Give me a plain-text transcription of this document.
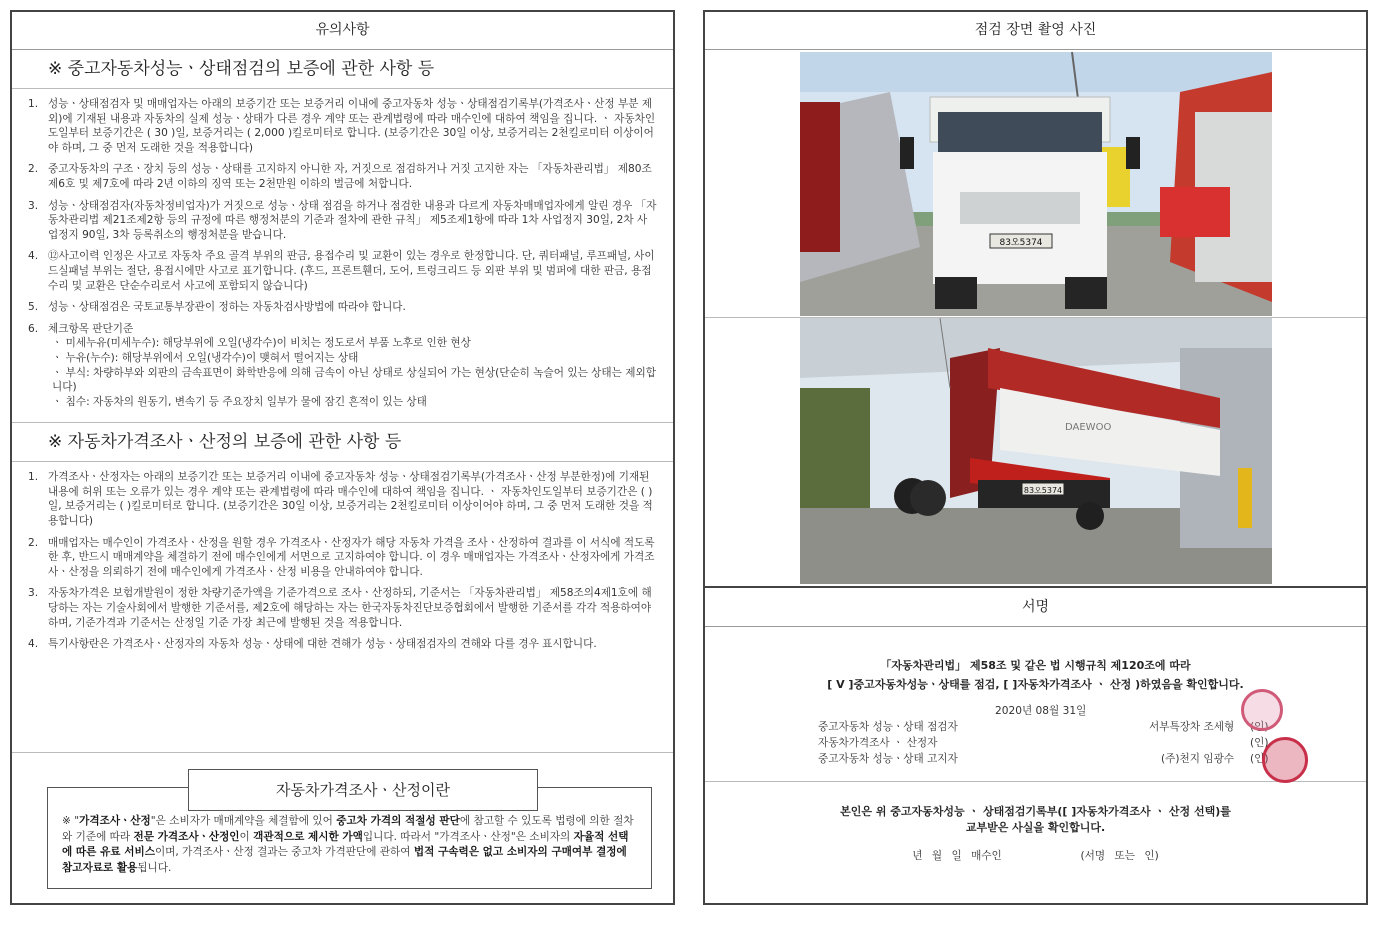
유의사항
※ 중고자동차성능ㆍ상태점검의 보증에 관한 사항 등
1. 성능ㆍ상태점검자 및 매매업자는 아래의 보증기간 또는 보증거리 이내에 중고자동차 성능ㆍ상태점검기록부(가격조사ㆍ산정 부분 제외)에 기재된 내용과 자동차의 실제 성능ㆍ상태가 다른 경우 계약 또는 관계법령에 따라 매수인에 대하여 책임을 집니다. ㆍ 자동차인도일부터 보증기간은 ( 30 )일, 보증거리는 ( 2,000 )킬로미터로 합니다. (보증기간은 30일 이상, 보증거리는 2천킬로미터 이상이어야 하며, 그 중 먼저 도래한 것을 적용합니다)
2. 중고자동차의 구조ㆍ장치 등의 성능ㆍ상태를 고지하지 아니한 자, 거짓으로 점검하거나 거짓 고지한 자는 「자동차관리법」 제80조제6호 및 제7호에 따라 2년 이하의 징역 또는 2천만원 이하의 벌금에 처합니다.
3. 성능ㆍ상태점검자(자동차정비업자)가 거짓으로 성능ㆍ상태 점검을 하거나 점검한 내용과 다르게 자동차매매업자에게 알린 경우 「자동차관리법 제21조제2항 등의 규정에 따른 행정처분의 기준과 절차에 관한 규칙」 제5조제1항에 따라 1차 사업정지 30일, 2차 사업정지 90일, 3차 등록취소의 행정처분을 받습니다.
4. ⑫사고이력 인정은 사고로 자동차 주요 골격 부위의 판금, 용접수리 및 교환이 있는 경우로 한정합니다. 단, 쿼터패널, 루프패널, 사이드실패널 부위는 절단, 용접시에만 사고로 표기합니다. (후드, 프론트휀더, 도어, 트렁크리드 등 외판 부위 및 범퍼에 대한 판금, 용접수리 및 교환은 단순수리로서 사고에 포함되지 않습니다)
5. 성능ㆍ상태점검은 국토교통부장관이 정하는 자동차검사방법에 따라야 합니다.
6. 체크항목 판단기준
ㆍ 미세누유(미세누수): 해당부위에 오일(냉각수)이 비치는 정도로서 부품 노후로 인한 현상
ㆍ 누유(누수): 해당부위에서 오일(냉각수)이 맺혀서 떨어지는 상태
ㆍ 부식: 차량하부와 외판의 금속표면이 화학반응에 의해 금속이 아닌 상태로 상실되어 가는 현상(단순히 녹슬어 있는 상태는 제외합니다)
ㆍ 침수: 자동차의 원동기, 변속기 등 주요장치 일부가 물에 잠긴 흔적이 있는 상태
※ 자동차가격조사ㆍ산정의 보증에 관한 사항 등
1. 가격조사ㆍ산정자는 아래의 보증기간 또는 보증거리 이내에 중고자동차 성능ㆍ상태점검기록부(가격조사ㆍ산정 부분한정)에 기재된 내용에 허위 또는 오류가 있는 경우 계약 또는 관계법령에 따라 매수인에 대하여 책임을 집니다. ㆍ 자동차인도일부터 보증기간은 ( )일, 보증거리는 ( )킬로미터로 합니다. (보증기간은 30일 이상, 보증거리는 2천킬로미터 이상이어야 하며, 그 중 먼저 도래한 것을 적용합니다)
2. 매매업자는 매수인이 가격조사ㆍ산정을 원할 경우 가격조사ㆍ산정자가 해당 자동차 가격을 조사ㆍ산정하여 결과를 이 서식에 적도록 한 후, 반드시 매매계약을 체결하기 전에 매수인에게 서면으로 고지하여야 합니다. 이 경우 매매업자는 가격조사ㆍ산정자에게 가격조사ㆍ산정을 의뢰하기 전에 매수인에게 가격조사ㆍ산정 비용을 안내하여야 합니다.
3. 자동차가격은 보험개발원이 정한 차량기준가액을 기준가격으로 조사ㆍ산정하되, 기준서는 「자동차관리법」 제58조의4제1호에 해당하는 자는 기술사회에서 발행한 기준서를, 제2호에 해당하는 자는 한국자동차진단보증협회에서 발행한 기준서를 각각 적용하여야 하며, 기준가격과 기준서는 산정일 기준 가장 최근에 발행된 것을 적용합니다.
4. 특기사항란은 가격조사ㆍ산정자의 자동차 성능ㆍ상태에 대한 견해가 성능ㆍ상태점검자의 견해와 다를 경우 표시합니다.
자동차가격조사ㆍ산정이란
※ "가격조사ㆍ산정"은 소비자가 매매계약을 체결함에 있어 중고차 가격의 적절성 판단에 참고할 수 있도록 법령에 의한 절차와 기준에 따라 전문 가격조사ㆍ산정인이 객관적으로 제시한 가액입니다. 따라서 "가격조사ㆍ산정"은 소비자의 자율적 선택에 따른 유료 서비스이며, 가격조사ㆍ산정 결과는 중고차 가격판단에 관하여 법적 구속력은 없고 소비자의 구매여부 결정에 참고자료로 활용됩니다.
점검 장면 촬영 사진
83오5374
DAEWOO
83오5374
서명
「자동차관리법」 제58조 및 같은 법 시행규칙 제120조에 따라
[ V ]중고자동차성능ㆍ상태를 점검, [ ]자동차가격조사 ㆍ 산정 )하였음을 확인합니다.
2020년 08월 31일
중고자동차 성능ㆍ상태 점검자	서부특장차 조세형 (인)
자동차가격조사 ㆍ 산정자	(인)
중고자동차 성능ㆍ상태 고지자	(주)천지 임광수 (인)
본인은 위 중고자동차성능 ㆍ 상태점검기록부([ ]자동차가격조사 ㆍ 산정 선택)를
교부받은 사실을 확인합니다.
년 월 일 매수인	(서명 또는 인)
